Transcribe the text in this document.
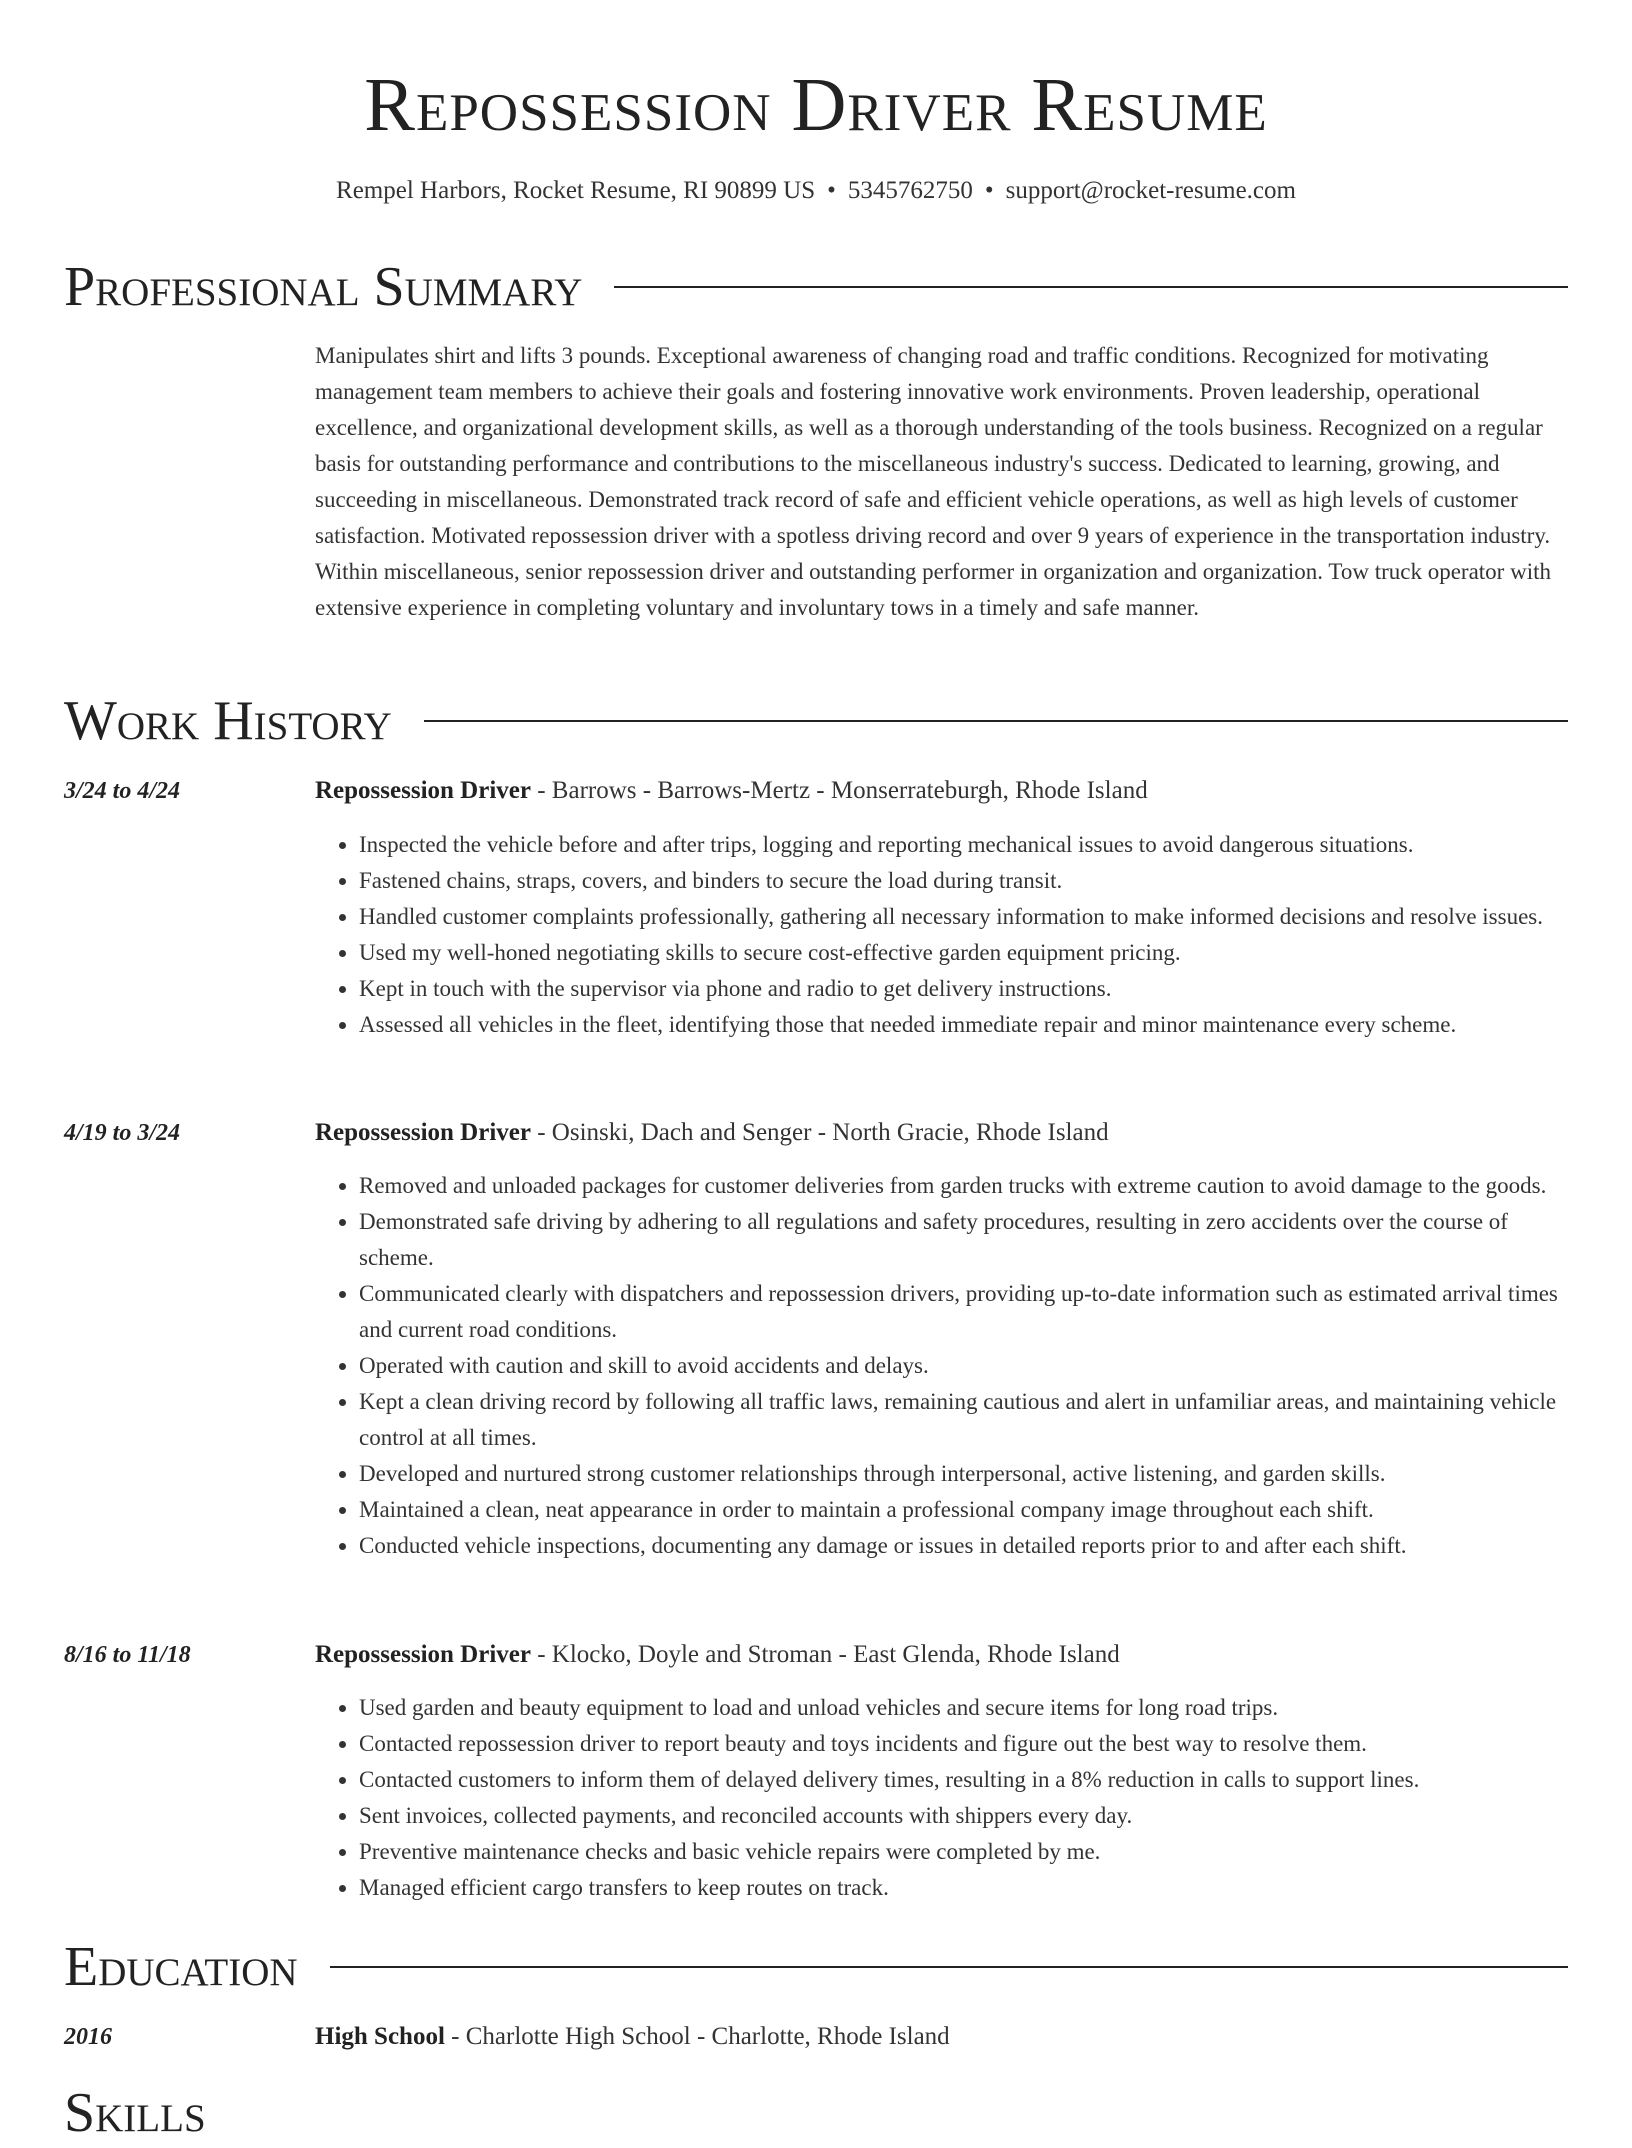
Repossession Driver Resume
Rempel Harbors, Rocket Resume, RI 90899 US • 5345762750 • support@rocket-resume.com
Professional Summary

Manipulates shirt and lifts 3 pounds. Exceptional awareness of changing road and traffic conditions. Recognized for motivating management team members to achieve their goals and fostering innovative work environments. Proven leadership, operational excellence, and organizational development skills, as well as a thorough understanding of the tools business. Recognized on a regular basis for outstanding performance and contributions to the miscellaneous industry's success. Dedicated to learning, growing, and succeeding in miscellaneous. Demonstrated track record of safe and efficient vehicle operations, as well as high levels of customer satisfaction. Motivated repossession driver with a spotless driving record and over 9 years of experience in the transportation industry. Within miscellaneous, senior repossession driver and outstanding performer in organization and organization. Tow truck operator with extensive experience in completing voluntary and involuntary tows in a timely and safe manner.

Work History
3/24 to 4/24	Repossession Driver - Barrows - Barrows-Mertz - Monserrateburgh, Rhode Island
• Inspected the vehicle before and after trips, logging and reporting mechanical issues to avoid dangerous situations.
• Fastened chains, straps, covers, and binders to secure the load during transit.
• Handled customer complaints professionally, gathering all necessary information to make informed decisions and resolve issues.
• Used my well-honed negotiating skills to secure cost-effective garden equipment pricing.
• Kept in touch with the supervisor via phone and radio to get delivery instructions.
• Assessed all vehicles in the fleet, identifying those that needed immediate repair and minor maintenance every scheme.
4/19 to 3/24	Repossession Driver - Osinski, Dach and Senger - North Gracie, Rhode Island
• Removed and unloaded packages for customer deliveries from garden trucks with extreme caution to avoid damage to the goods.
• Demonstrated safe driving by adhering to all regulations and safety procedures, resulting in zero accidents over the course of scheme.
• Communicated clearly with dispatchers and repossession drivers, providing up-to-date information such as estimated arrival times and current road conditions.
• Operated with caution and skill to avoid accidents and delays.
• Kept a clean driving record by following all traffic laws, remaining cautious and alert in unfamiliar areas, and maintaining vehicle control at all times.
• Developed and nurtured strong customer relationships through interpersonal, active listening, and garden skills.
• Maintained a clean, neat appearance in order to maintain a professional company image throughout each shift.
• Conducted vehicle inspections, documenting any damage or issues in detailed reports prior to and after each shift.
8/16 to 11/18	Repossession Driver - Klocko, Doyle and Stroman - East Glenda, Rhode Island
• Used garden and beauty equipment to load and unload vehicles and secure items for long road trips.
• Contacted repossession driver to report beauty and toys incidents and figure out the best way to resolve them.
• Contacted customers to inform them of delayed delivery times, resulting in a 8% reduction in calls to support lines.
• Sent invoices, collected payments, and reconciled accounts with shippers every day.
• Preventive maintenance checks and basic vehicle repairs were completed by me.
• Managed efficient cargo transfers to keep routes on track.
Education
2016	High School - Charlotte High School - Charlotte, Rhode Island
Skills
